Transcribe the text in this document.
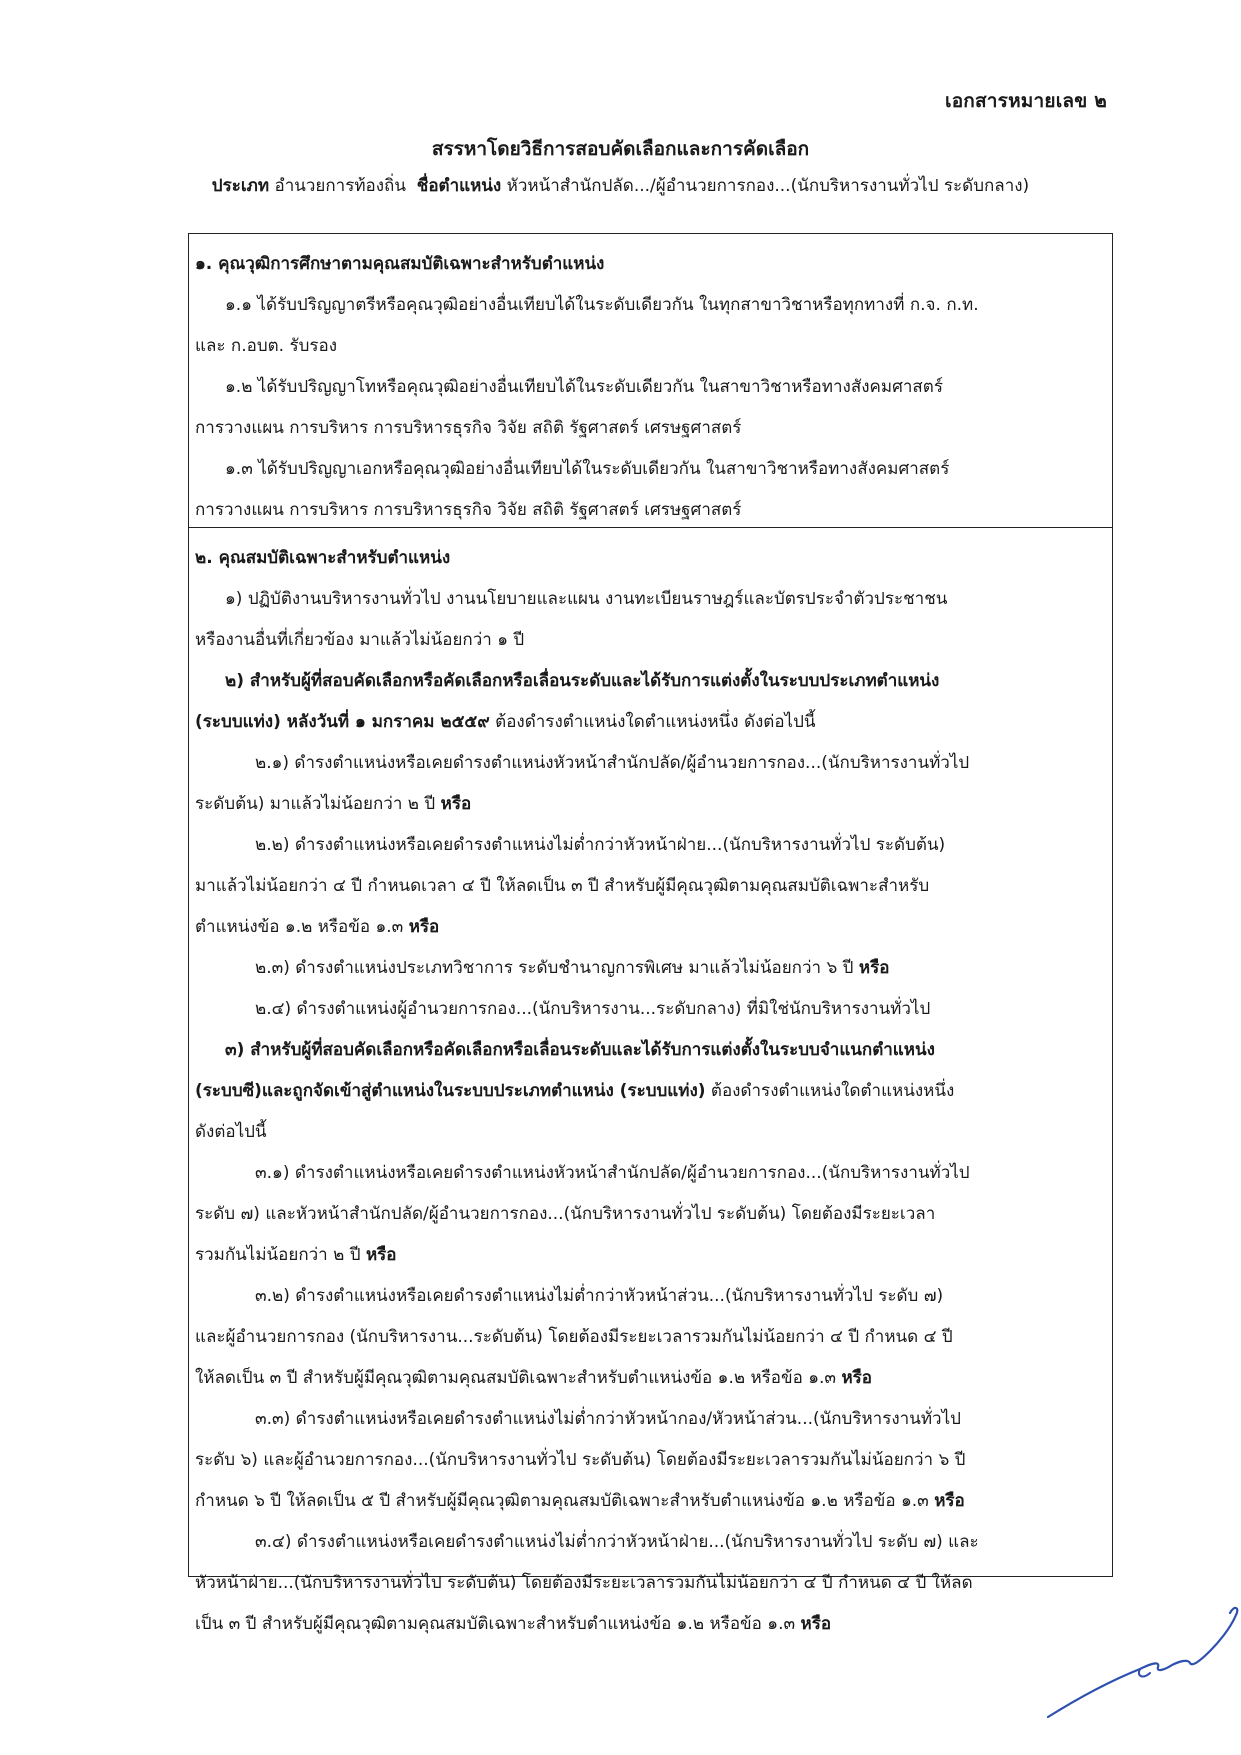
เอกสารหมายเลข ๒
สรรหาโดยวิธีการสอบคัดเลือกและการคัดเลือก
ประเภท อำนวยการท้องถิ่น ชื่อตำแหน่ง หัวหน้าสำนักปลัด.../ผู้อำนวยการกอง...(นักบริหารงานทั่วไป ระดับกลาง)

๑. คุณวุฒิการศึกษาตามคุณสมบัติเฉพาะสำหรับตำแหน่ง

๑.๑ ได้รับปริญญาตรีหรือคุณวุฒิอย่างอื่นเทียบได้ในระดับเดียวกัน ในทุกสาขาวิชาหรือทุกทางที่ ก.จ. ก.ท.

และ ก.อบต. รับรอง

๑.๒ ได้รับปริญญาโทหรือคุณวุฒิอย่างอื่นเทียบได้ในระดับเดียวกัน ในสาขาวิชาหรือทางสังคมศาสตร์

การวางแผน การบริหาร การบริหารธุรกิจ วิจัย สถิติ รัฐศาสตร์ เศรษฐศาสตร์

๑.๓ ได้รับปริญญาเอกหรือคุณวุฒิอย่างอื่นเทียบได้ในระดับเดียวกัน ในสาขาวิชาหรือทางสังคมศาสตร์

การวางแผน การบริหาร การบริหารธุรกิจ วิจัย สถิติ รัฐศาสตร์ เศรษฐศาสตร์

๒. คุณสมบัติเฉพาะสำหรับตำแหน่ง

๑) ปฏิบัติงานบริหารงานทั่วไป งานนโยบายและแผน งานทะเบียนราษฎร์และบัตรประจำตัวประชาชน

หรืองานอื่นที่เกี่ยวข้อง มาแล้วไม่น้อยกว่า ๑ ปี

๒) สำหรับผู้ที่สอบคัดเลือกหรือคัดเลือกหรือเลื่อนระดับและได้รับการแต่งตั้งในระบบประเภทตำแหน่ง

(ระบบแท่ง) หลังวันที่ ๑ มกราคม ๒๕๕๙ ต้องดำรงตำแหน่งใดตำแหน่งหนึ่ง ดังต่อไปนี้

๒.๑) ดำรงตำแหน่งหรือเคยดำรงตำแหน่งหัวหน้าสำนักปลัด/ผู้อำนวยการกอง...(นักบริหารงานทั่วไป

ระดับต้น) มาแล้วไม่น้อยกว่า ๒ ปี หรือ

๒.๒) ดำรงตำแหน่งหรือเคยดำรงตำแหน่งไม่ต่ำกว่าหัวหน้าฝ่าย...(นักบริหารงานทั่วไป ระดับต้น)

มาแล้วไม่น้อยกว่า ๔ ปี กำหนดเวลา ๔ ปี ให้ลดเป็น ๓ ปี สำหรับผู้มีคุณวุฒิตามคุณสมบัติเฉพาะสำหรับ

ตำแหน่งข้อ ๑.๒ หรือข้อ ๑.๓ หรือ

๒.๓) ดำรงตำแหน่งประเภทวิชาการ ระดับชำนาญการพิเศษ มาแล้วไม่น้อยกว่า ๖ ปี หรือ

๒.๔) ดำรงตำแหน่งผู้อำนวยการกอง...(นักบริหารงาน...ระดับกลาง) ที่มิใช่นักบริหารงานทั่วไป

๓) สำหรับผู้ที่สอบคัดเลือกหรือคัดเลือกหรือเลื่อนระดับและได้รับการแต่งตั้งในระบบจำแนกตำแหน่ง

(ระบบซี)และถูกจัดเข้าสู่ตำแหน่งในระบบประเภทตำแหน่ง (ระบบแท่ง) ต้องดำรงตำแหน่งใดตำแหน่งหนึ่ง

ดังต่อไปนี้

๓.๑) ดำรงตำแหน่งหรือเคยดำรงตำแหน่งหัวหน้าสำนักปลัด/ผู้อำนวยการกอง...(นักบริหารงานทั่วไป

ระดับ ๗) และหัวหน้าสำนักปลัด/ผู้อำนวยการกอง...(นักบริหารงานทั่วไป ระดับต้น) โดยต้องมีระยะเวลา

รวมกันไม่น้อยกว่า ๒ ปี หรือ

๓.๒) ดำรงตำแหน่งหรือเคยดำรงตำแหน่งไม่ต่ำกว่าหัวหน้าส่วน...(นักบริหารงานทั่วไป ระดับ ๗)

และผู้อำนวยการกอง (นักบริหารงาน...ระดับต้น) โดยต้องมีระยะเวลารวมกันไม่น้อยกว่า ๔ ปี กำหนด ๔ ปี

ให้ลดเป็น ๓ ปี สำหรับผู้มีคุณวุฒิตามคุณสมบัติเฉพาะสำหรับตำแหน่งข้อ ๑.๒ หรือข้อ ๑.๓ หรือ

๓.๓) ดำรงตำแหน่งหรือเคยดำรงตำแหน่งไม่ต่ำกว่าหัวหน้ากอง/หัวหน้าส่วน...(นักบริหารงานทั่วไป

ระดับ ๖) และผู้อำนวยการกอง...(นักบริหารงานทั่วไป ระดับต้น) โดยต้องมีระยะเวลารวมกันไม่น้อยกว่า ๖ ปี

กำหนด ๖ ปี ให้ลดเป็น ๕ ปี สำหรับผู้มีคุณวุฒิตามคุณสมบัติเฉพาะสำหรับตำแหน่งข้อ ๑.๒ หรือข้อ ๑.๓ หรือ

๓.๔) ดำรงตำแหน่งหรือเคยดำรงตำแหน่งไม่ต่ำกว่าหัวหน้าฝ่าย...(นักบริหารงานทั่วไป ระดับ ๗) และ

หัวหน้าฝ่าย...(นักบริหารงานทั่วไป ระดับต้น) โดยต้องมีระยะเวลารวมกันไม่น้อยกว่า ๔ ปี กำหนด ๔ ปี ให้ลด

เป็น ๓ ปี สำหรับผู้มีคุณวุฒิตามคุณสมบัติเฉพาะสำหรับตำแหน่งข้อ ๑.๒ หรือข้อ ๑.๓ หรือ
